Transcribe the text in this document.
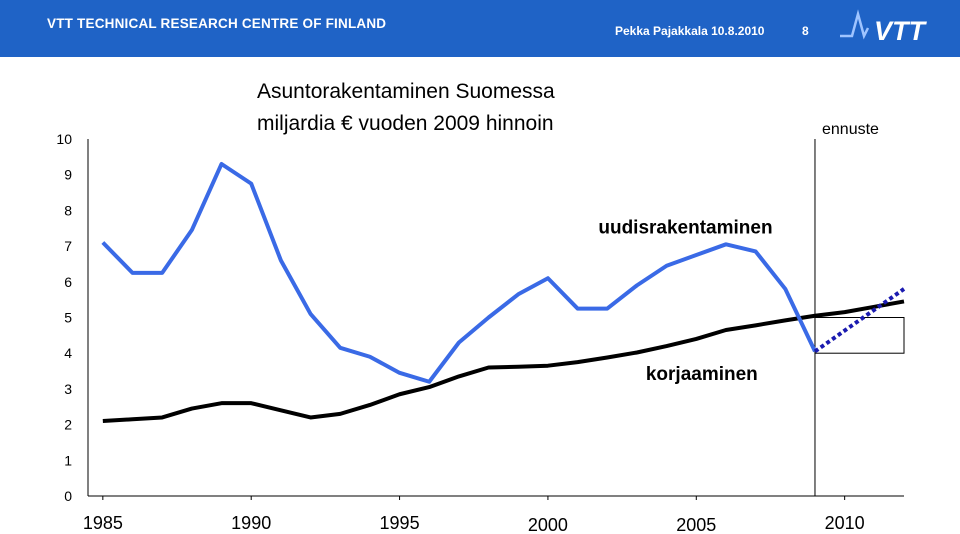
VTT TECHNICAL RESEARCH CENTRE OF FINLAND	Pekka Pajakkala 10.8.2010	8 VTT
Asuntorakentaminen Suomessa
miljardia € vuoden 2009 hinnoin	ennuste
0
1
2
3
4
5
6
7
8
9
10
1985	1990	1995	2000	2005	2010
uudisrakentaminen
korjaaminen
